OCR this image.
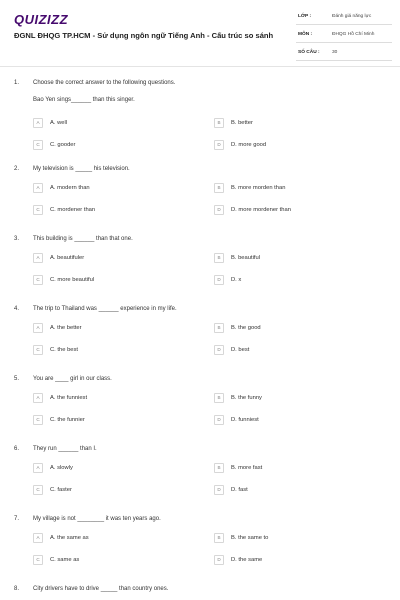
QUIZIZZ
ĐGNL ĐHQG TP.HCM - Sử dụng ngôn ngữ Tiếng Anh - Cấu trúc so sánh
LỚP :	Đánh giá năng lực
MÔN :	ĐHQG Hồ Chí Minh
SỐ CÂU :	30
1. Choose the correct answer to the following questions.
Bao Yen sings______ than this singer.
A	A. well	B	B. better
C	C. gooder	D	D. more good
2. My television is _____ his television.
A	A. modern than	B	B. more morden than
C	C. mordener than	D	D. more mordener than
3. This building is ______ than that one.
A	A. beautifuler	B	B. beautiful
C	C. more beautiful	D	D. x
4. The trip to Thailand was ______ experience in my life.
A	A. the better	B	B. the good
C	C. the best	D	D. best
5. You are ____ girl in our class.
A	A. the funniest	B	B. the funny
C	C. the funnier	D	D. funniest
6. They run ______ than I.
A	A. slowly	B	B. more fast
C	C. faster	D	D. fast
7. My village is not ________ it was ten years ago.
A	A. the same as	B	B. the same to
C	C. same as	D	D. the same
8. City drivers have to drive _____ than country ones.
